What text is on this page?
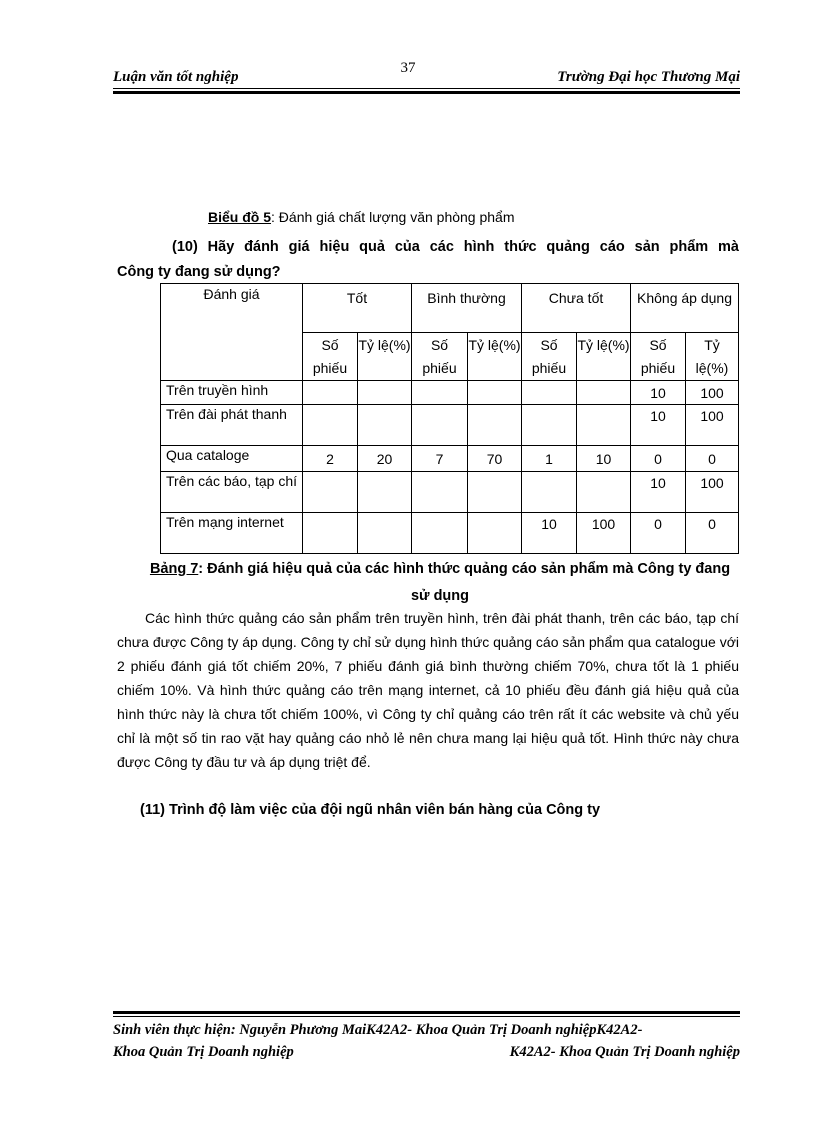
37
Luận văn tốt nghiệp	Trường Đại học Thương Mại
Biểu đồ 5: Đánh giá chất lượng văn phòng phẩm
(10) Hãy đánh giá hiệu quả của các hình thức quảng cáo sản phẩm mà
Công ty đang sử dụng?
Đánh giá	Tốt		Bình thường		Chưa tốt		Không áp dụng	
	Số phiếu	Tỷ lệ(%)	Số phiếu	Tỷ lệ(%)	Số phiếu	Tỷ lệ(%)	Số phiếu	Tỷ lệ(%)
Trên truyền hình							10	100
Trên đài phát thanh							10	100
Qua cataloge	2	20	7	70	1	10	0	0
Trên các báo, tạp chí							10	100
Trên mạng internet					10	100	0	0
Bảng 7: Đánh giá hiệu quả của các hình thức quảng cáo sản phẩm mà Công ty đang sử dụng

Các hình thức quảng cáo sản phẩm trên truyền hình, trên đài phát thanh, trên các báo, tạp chí chưa được Công ty áp dụng. Công ty chỉ sử dụng hình thức quảng cáo sản phẩm qua catalogue với 2 phiếu đánh giá tốt chiếm 20%, 7 phiếu đánh giá bình thường chiếm 70%, chưa tốt là 1 phiếu chiếm 10%. Và hình thức quảng cáo trên mạng internet, cả 10 phiếu đều đánh giá hiệu quả của hình thức này là chưa tốt chiếm 100%, vì Công ty chỉ quảng cáo trên rất ít các website và chủ yếu chỉ là một số tin rao vặt hay quảng cáo nhỏ lẻ nên chưa mang lại hiệu quả tốt. Hình thức này chưa được Công ty đầu tư và áp dụng triệt để.

(11) Trình độ làm việc của đội ngũ nhân viên bán hàng của Công ty
Sinh viên thực hiện: Nguyễn Phương MaiK42A2- Khoa Quản Trị Doanh nghiệpK42A2-
Khoa Quản Trị Doanh nghiệp	K42A2- Khoa Quản Trị Doanh nghiệp
